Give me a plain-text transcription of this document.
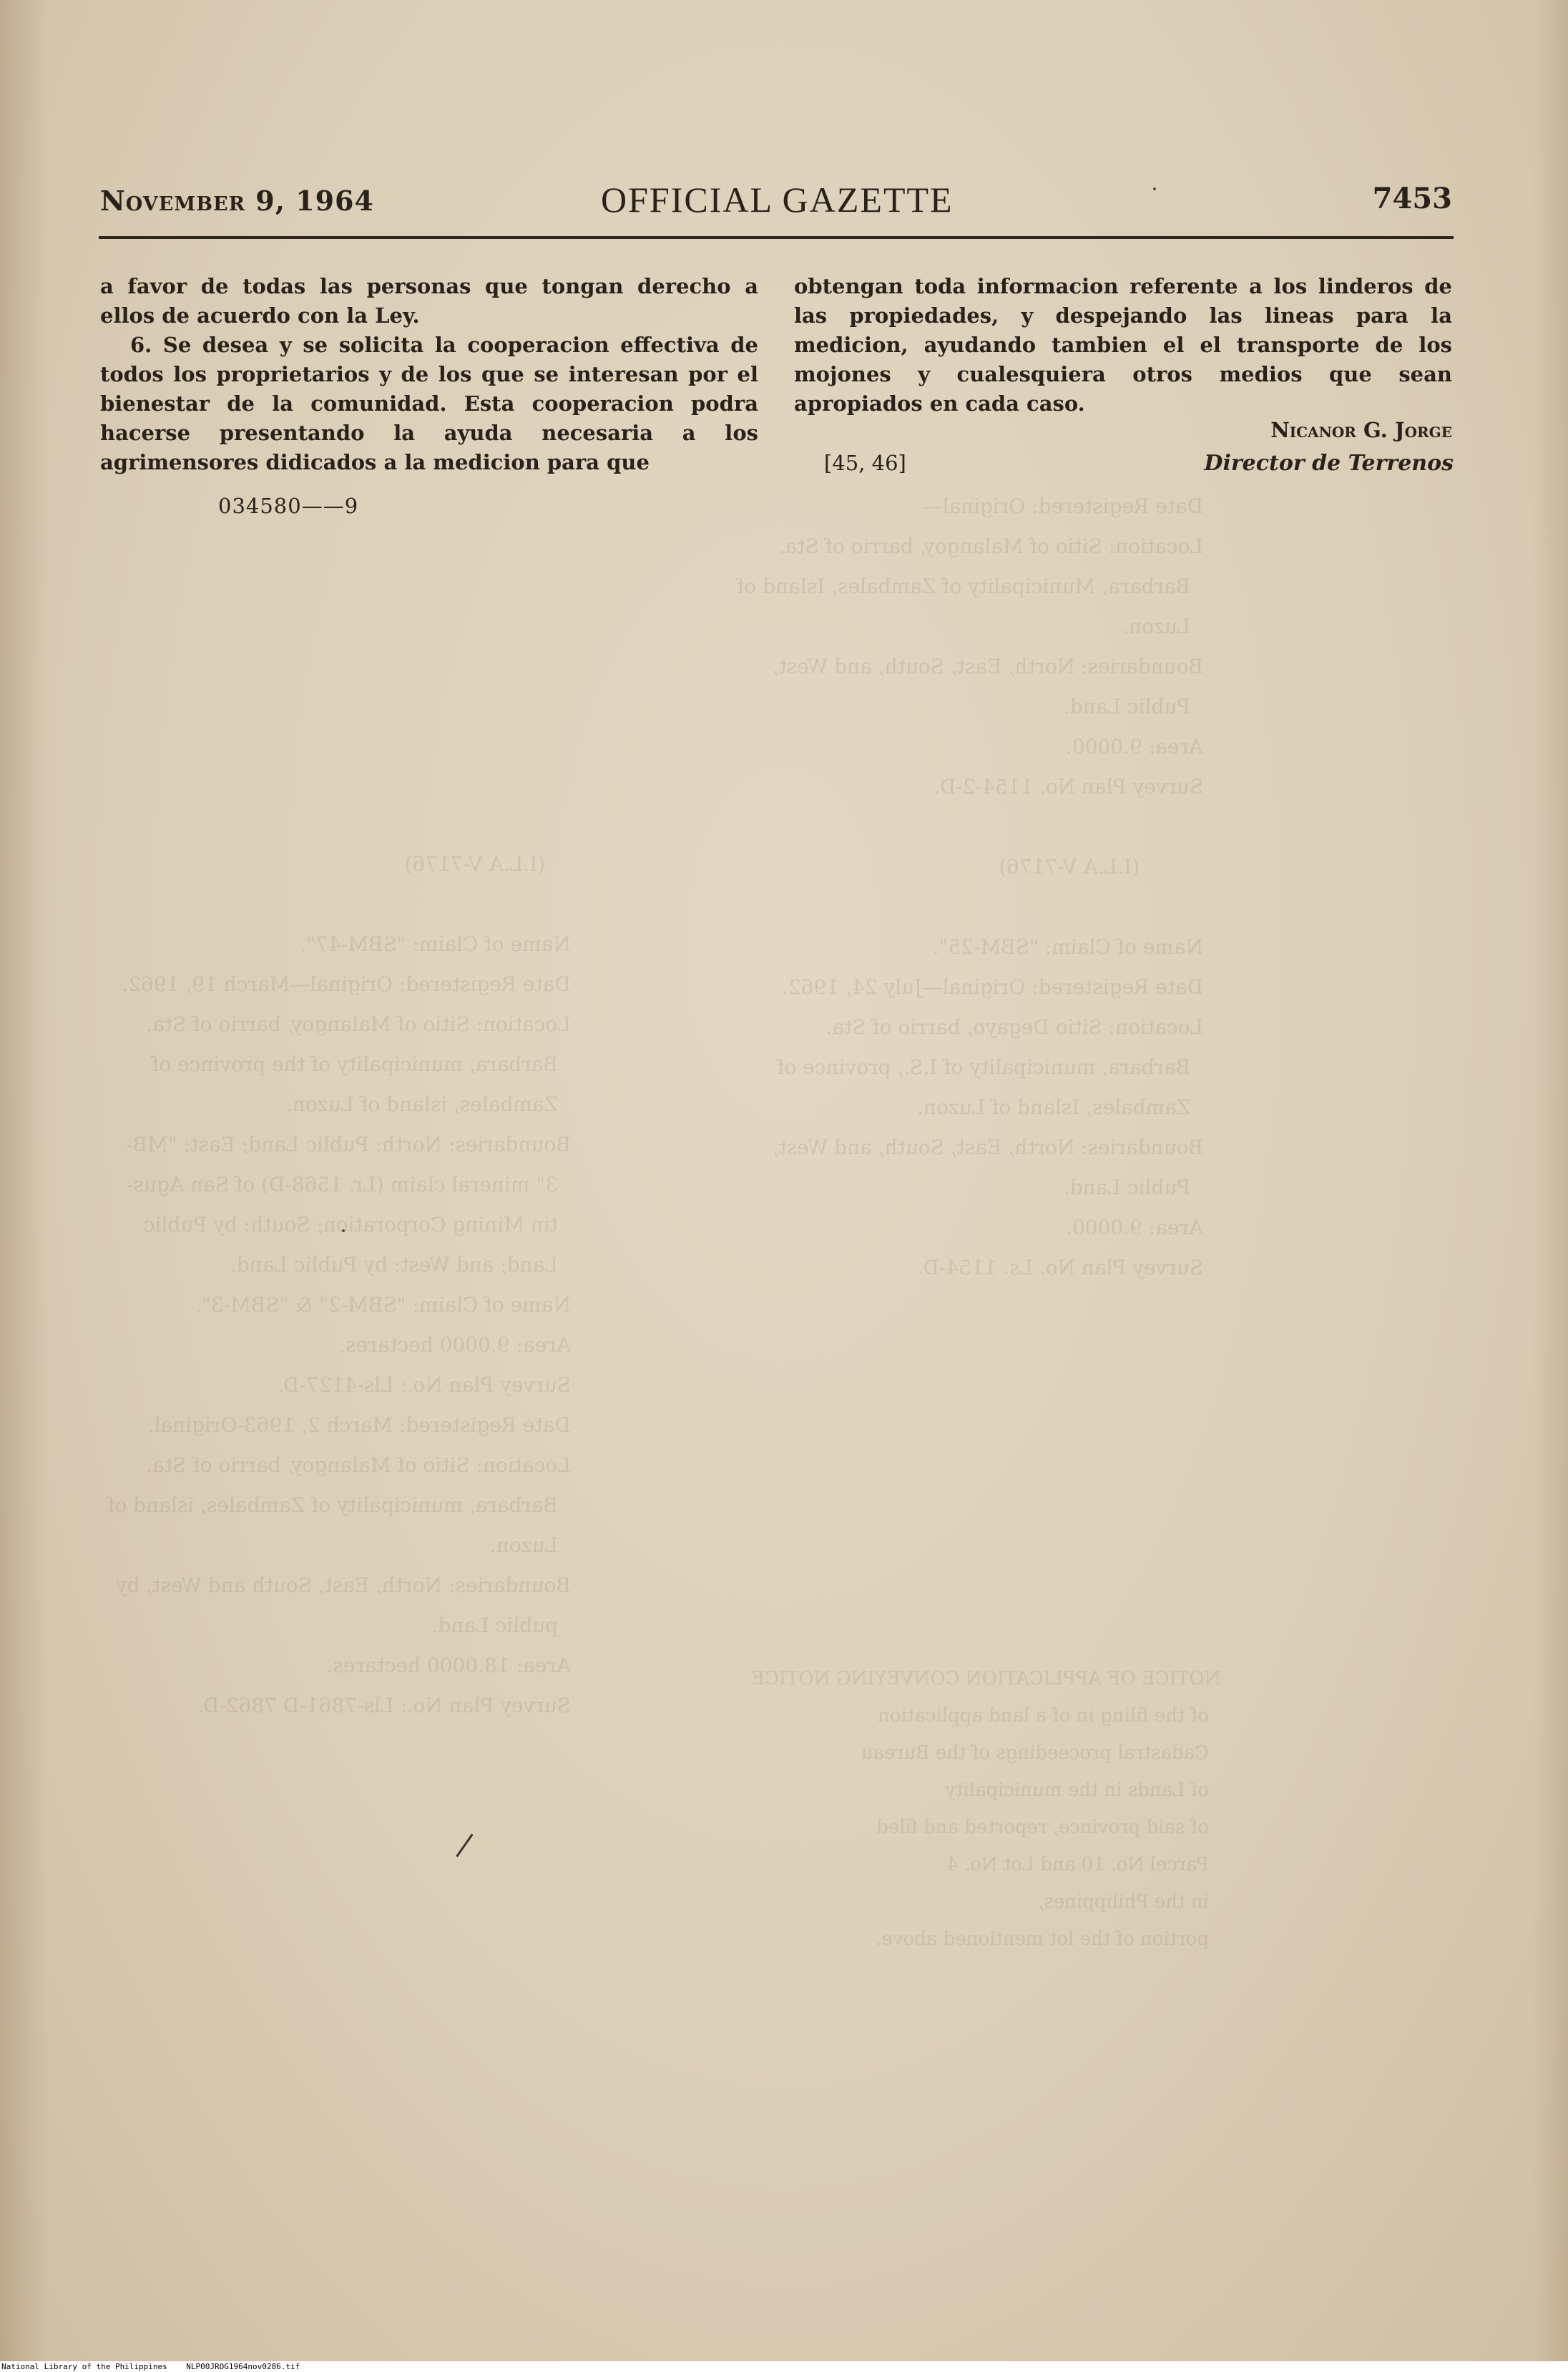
Date Registered: Original—
Location: Sitio of Malangoy, barrio of Sta.
Barbara, Municipality of Zambales, Island of
Luzon.
Boundaries: North, East, South, and West,
Public Land.
Area: 9.0000.
Survey Plan No. 1154-2-D.

(I.L.A V-7176)

Name of Claim: "SBM-25".
Date Registered: Original—July 24, 1962.
Location: Sitio Degayo, barrio of Sta.
Barbara, municipality of I.S., province of
Zambales, Island of Luzon.
Boundaries: North, East, South, and West,
Public Land.
Area: 9.0000.
Survey Plan No. Ls. 1154-D.
(I.L.A V-7176)

Name of Claim: "SBM-47".
Date Registered: Original—March 19, 1962.
Location: Sitio of Malangoy, barrio of Sta.
Barbara, municipality of the province of
Zambales, island of Luzon.
Boundaries: North: Public Land; East: "MB-
3" mineral claim (Lr. 1568-D) of San Agus-
tin Mining Corporation; South: by Public
Land; and West: by Public Land.
Name of Claim: "SBM-2" & "SBM-3".
Area: 9.0000 hectares.
Survey Plan No.: Lls-4127-D.
Date Registered: March 2, 1963-Original.
Location: Sitio of Malangoy, barrio of Sta.
Barbara, municipality of Zambales, island of
Luzon.
Boundaries: North, East, South and West, by
public Land.
Area: 18.0000 hectares.
Survey Plan No.: Lls-7861-D 7862-D.
NOTICE OF APPLICATION CONVEYING NOTICE
of the filing in of a land application
Cadastral proceedings of the Bureau
of Lands in the municipality
of said province, reported and filed
Parcel No. 10 and Lot No. 4
in the Philippines,
portion of the lot mentioned above.
November 9, 1964	OFFICIAL GAZETTE	7453

a favor de todas las personas que tongan derecho a ellos de acuerdo con la Ley.

6. Se desea y se solicita la cooperacion effectiva de todos los proprietarios y de los que se interesan por el bienestar de la comunidad. Esta cooperacion podra hacerse presentando la ayuda necesaria a los agrimensores didicados a la medicion para que

034580——9

obtengan toda informacion referente a los linderos de las propiedades, y despejando las lineas para la medicion, ayudando tambien el el transporte de los mojones y cualesquiera otros medios que sean apropiados en cada caso.

Nicanor G. Jorge
Director de Terrenos
[45, 46]
National Library of the Philippines NLP00JROG1964nov0286.tif
